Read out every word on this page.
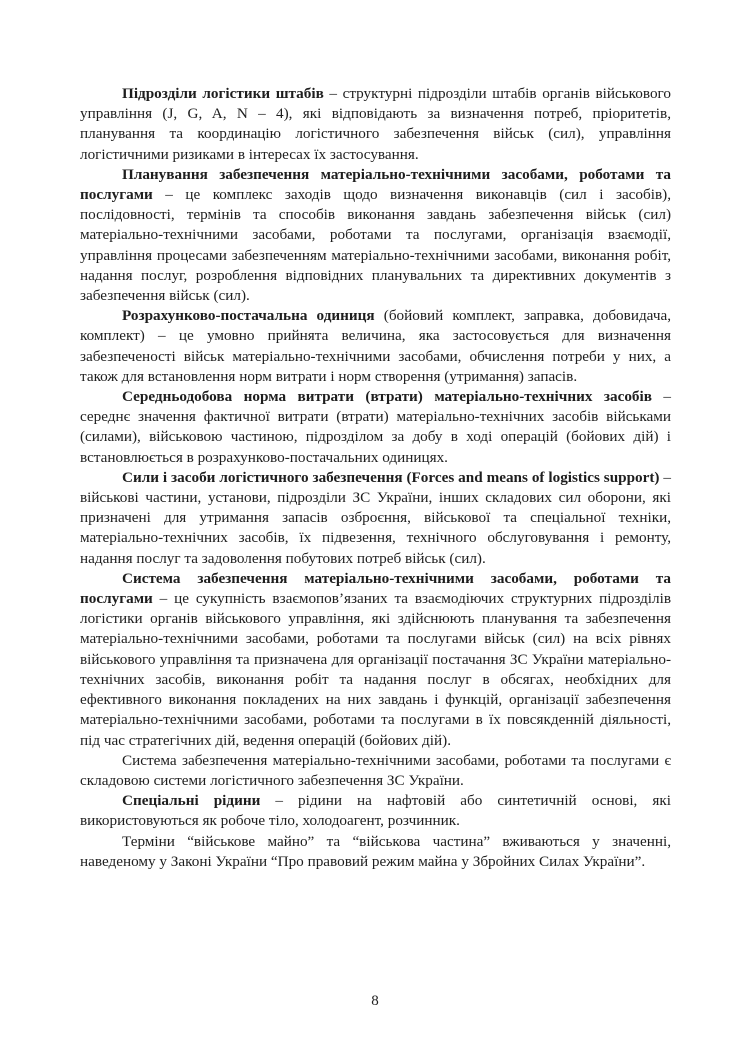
Підрозділи логістики штабів – структурні підрозділи штабів органів військового управління (J, G, A, N – 4), які відповідають за визначення потреб, пріоритетів, планування та координацію логістичного забезпечення військ (сил), управління логістичними ризиками в інтересах їх застосування.

Планування забезпечення матеріально-технічними засобами, роботами та послугами – це комплекс заходів щодо визначення виконавців (сил і засобів), послідовності, термінів та способів виконання завдань забезпечення військ (сил) матеріально-технічними засобами, роботами та послугами, організація взаємодії, управління процесами забезпеченням матеріально-технічними засобами, виконання робіт, надання послуг, розроблення відповідних планувальних та директивних документів з забезпечення військ (сил).

Розрахунково-постачальна одиниця (бойовий комплект, заправка, добовидача, комплект) – це умовно прийнята величина, яка застосовується для визначення забезпеченості військ матеріально-технічними засобами, обчислення потреби у них, а також для встановлення норм витрати і норм створення (утримання) запасів.

Середньодобова норма витрати (втрати) матеріально-технічних засобів – середнє значення фактичної витрати (втрати) матеріально-технічних засобів військами (силами), військовою частиною, підрозділом за добу в ході операцій (бойових дій) і встановлюється в розрахунково-постачальних одиницях.

Сили і засоби логістичного забезпечення (Forces and means of logistics support) – військові частини, установи, підрозділи ЗС України, інших складових сил оборони, які призначені для утримання запасів озброєння, військової та спеціальної техніки, матеріально-технічних засобів, їх підвезення, технічного обслуговування і ремонту, надання послуг та задоволення побутових потреб військ (сил).

Система забезпечення матеріально-технічними засобами, роботами та послугами – це сукупність взаємопов’язаних та взаємодіючих структурних підрозділів логістики органів військового управління, які здійснюють планування та забезпечення матеріально-технічними засобами, роботами та послугами військ (сил) на всіх рівнях військового управління та призначена для організації постачання ЗС України матеріально-технічних засобів, виконання робіт та надання послуг в обсягах, необхідних для ефективного виконання покладених на них завдань і функцій, організації забезпечення матеріально-технічними засобами, роботами та послугами в їх повсякденній діяльності, під час стратегічних дій, ведення операцій (бойових дій).

Система забезпечення матеріально-технічними засобами, роботами та послугами є складовою системи логістичного забезпечення ЗС України.

Спеціальні рідини – рідини на нафтовій або синтетичній основі, які використовуються як робоче тіло, холодоагент, розчинник.

Терміни “військове майно” та “військова частина” вживаються у значенні, наведеному у Законі України “Про правовий режим майна у Збройних Силах України”.

8
